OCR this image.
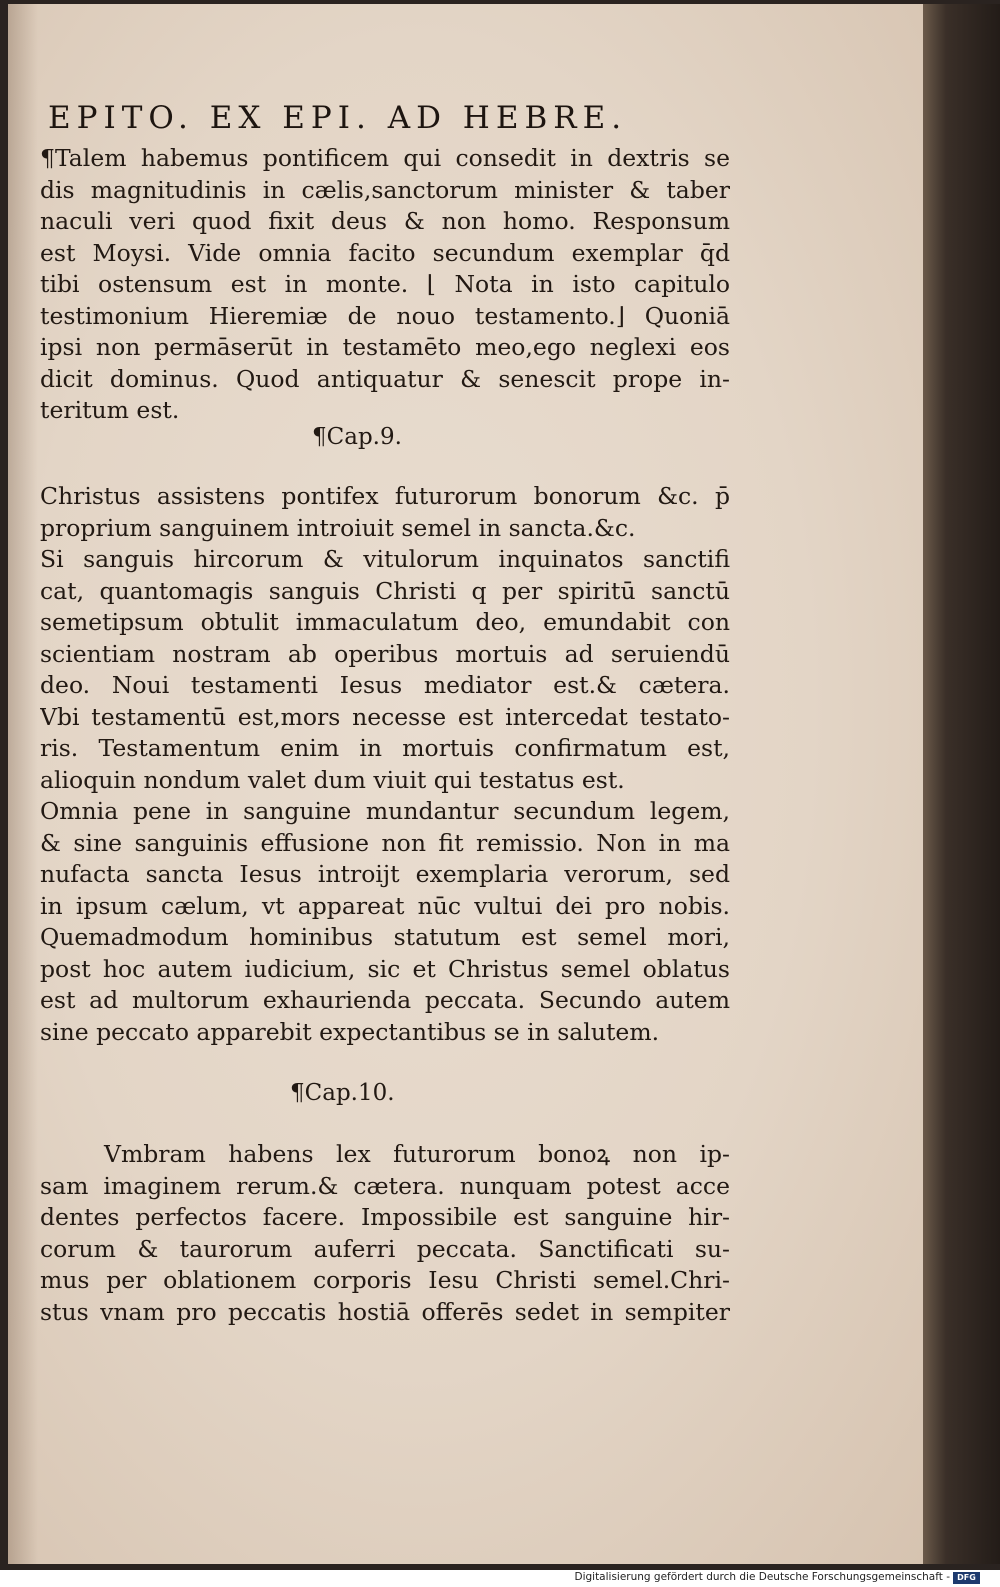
EPITO. EX EPI. AD HEBRE.
¶Talem habemus pontificem qui consedit in dextris se
dis magnitudinis in cælis,sanctorum minister & taber
naculi veri quod fixit deus & non homo. Responsum
est Moysi. Vide omnia facito secundum exemplar q̄d
tibi ostensum est in monte. ⌊ Nota in isto capitulo
testimonium Hieremiæ de nouo testamento.⌋ Quoniā
ipsi non permāserūt in testamēto meo,ego neglexi eos
dicit dominus. Quod antiquatur & senescit prope in-
teritum est.
¶Cap.9.
Christus assistens pontifex futurorum bonorum &c. p̄
proprium sanguinem introiuit semel in sancta.&c.
Si sanguis hircorum & vitulorum inquinatos sanctifi
cat, quantomagis sanguis Christi q per spiritū sanctū
semetipsum obtulit immaculatum deo, emundabit con
scientiam nostram ab operibus mortuis ad seruiendū
deo. Noui testamenti Iesus mediator est.& cætera.
Vbi testamentū est,mors necesse est intercedat testato-
ris. Testamentum enim in mortuis confirmatum est,
alioquin nondum valet dum viuit qui testatus est.
Omnia pene in sanguine mundantur secundum legem,
& sine sanguinis effusione non fit remissio. Non in ma
nufacta sancta Iesus introijt exemplaria verorum, sed
in ipsum cælum, vt appareat nūc vultui dei pro nobis.
Quemadmodum hominibus statutum est semel mori,
post hoc autem iudicium, sic et Christus semel oblatus
est ad multorum exhaurienda peccata. Secundo autem
sine peccato apparebit expectantibus se in salutem.
¶Cap.10.
Vmbram habens lex futurorum bonoꝝ non ip-
sam imaginem rerum.& cætera. nunquam potest acce
dentes perfectos facere. Impossibile est sanguine hir-
corum & taurorum auferri peccata. Sanctificati su-
mus per oblationem corporis Iesu Christi semel.Chri-
stus vnam pro peccatis hostiā offerēs sedet in sempiter
Digitalisierung gefördert durch die Deutsche Forschungsgemeinschaft - DFG
